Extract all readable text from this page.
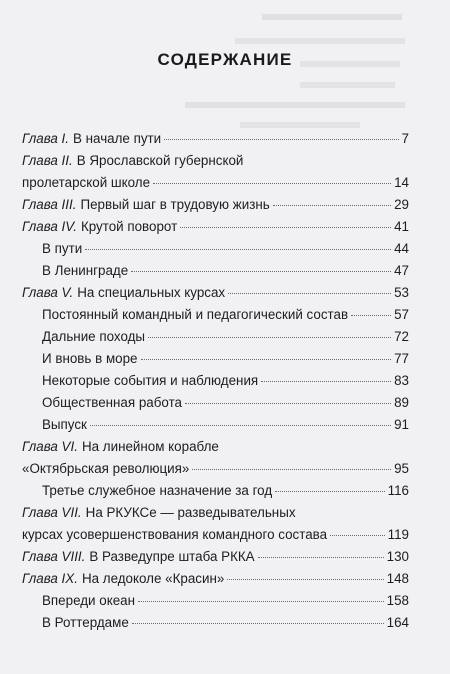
СОДЕРЖАНИЕ
Глава I. В начале пути	7
Глава II. В Ярославской губернской
пролетарской школе	14
Глава III. Первый шаг в трудовую жизнь	29
Глава IV. Крутой поворот	41
В пути	44
В Ленинграде	47
Глава V. На специальных курсах	53
Постоянный командный и педагогический состав	57
Дальние походы	72
И вновь в море	77
Некоторые события и наблюдения	83
Общественная работа	89
Выпуск	91
Глава VI. На линейном корабле
«Октябрьская революция»	95
Третье служебное назначение за год	116
Глава VII. На РКУКСе — разведывательных
курсах усовершенствования командного состава	119
Глава VIII. В Разведупре штаба РККА	130
Глава IX. На ледоколе «Красин»	148
Впереди океан	158
В Роттердаме	164
